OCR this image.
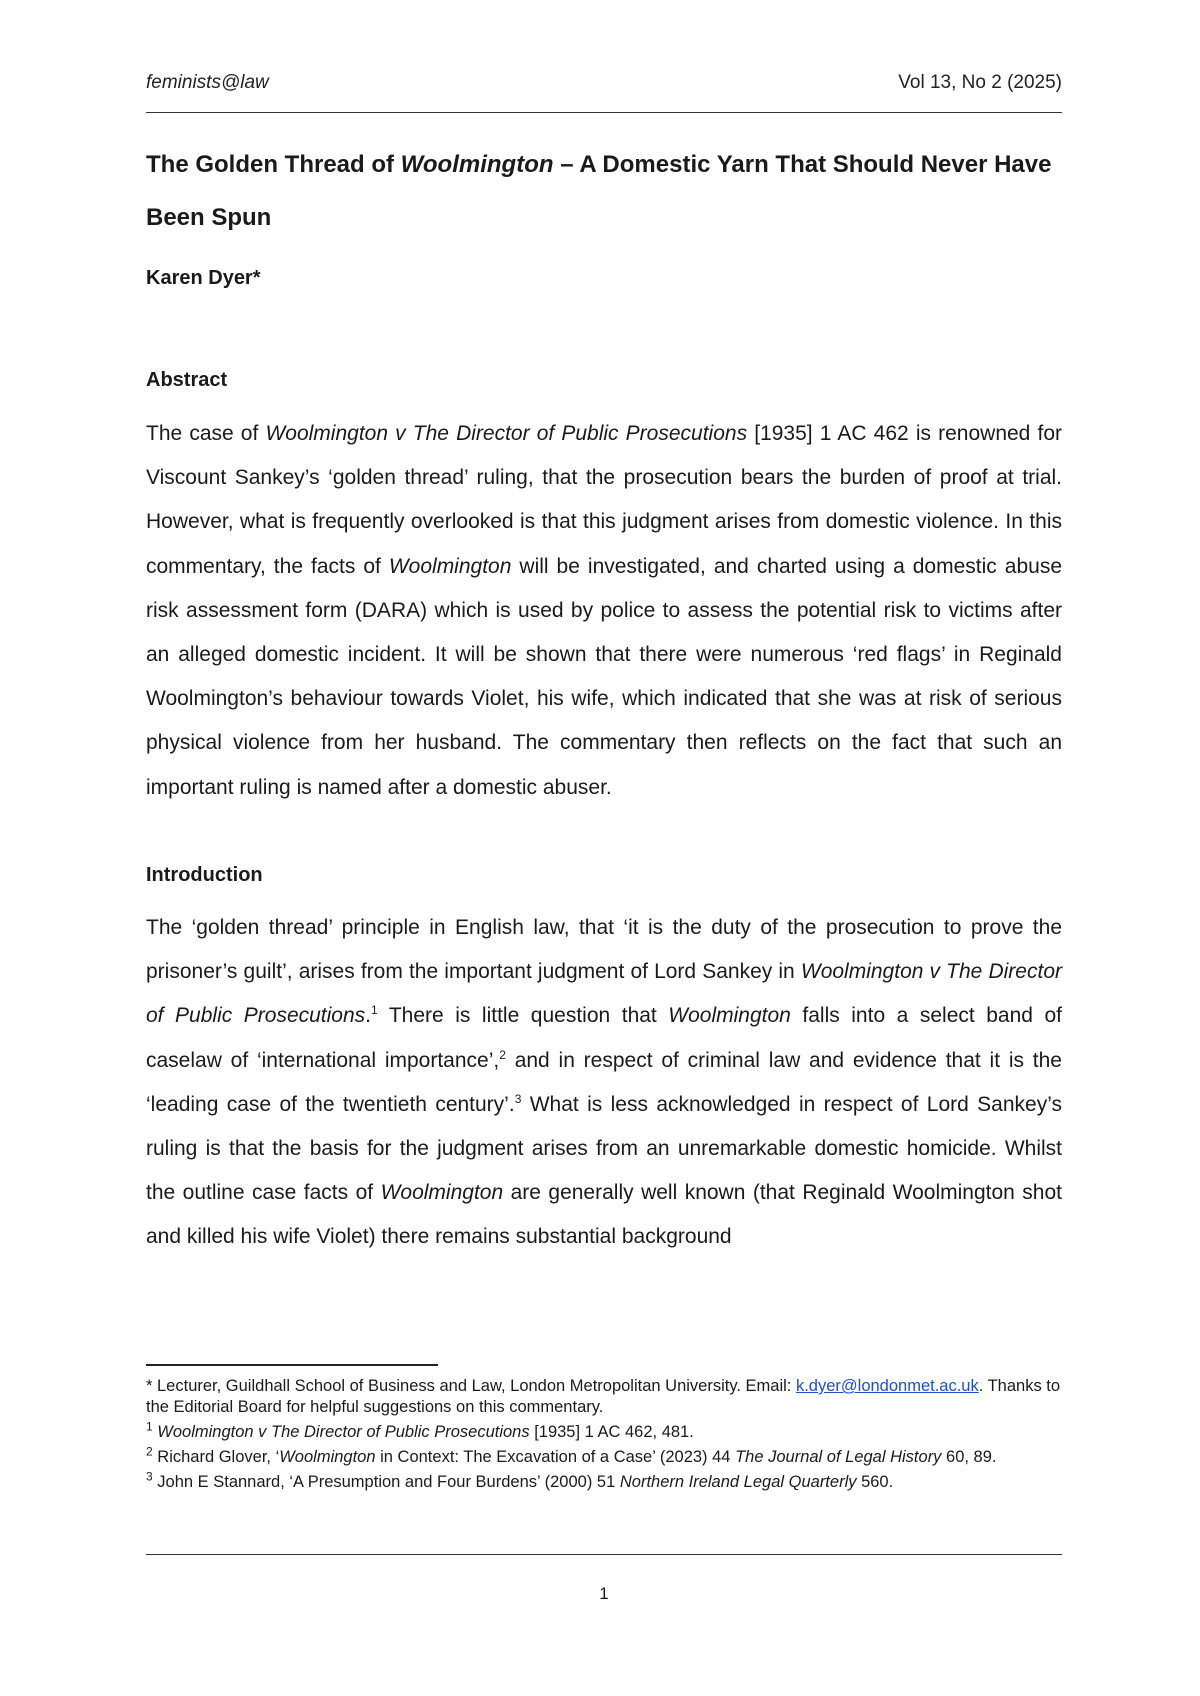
feminists@law	Vol 13, No 2 (2025)
The Golden Thread of Woolmington – A Domestic Yarn That Should Never Have Been Spun
Karen Dyer*
Abstract

The case of Woolmington v The Director of Public Prosecutions [1935] 1 AC 462 is renowned for Viscount Sankey’s ‘golden thread’ ruling, that the prosecution bears the burden of proof at trial. However, what is frequently overlooked is that this judgment arises from domestic violence. In this commentary, the facts of Woolmington will be investigated, and charted using a domestic abuse risk assessment form (DARA) which is used by police to assess the potential risk to victims after an alleged domestic incident. It will be shown that there were numerous ‘red flags’ in Reginald Woolmington’s behaviour towards Violet, his wife, which indicated that she was at risk of serious physical violence from her husband. The commentary then reflects on the fact that such an important ruling is named after a domestic abuser.

Introduction

The ‘golden thread’ principle in English law, that ‘it is the duty of the prosecution to prove the prisoner’s guilt’, arises from the important judgment of Lord Sankey in Woolmington v The Director of Public Prosecutions.$^1$ There is little question that Woolmington falls into a select band of caselaw of ‘international importance’,$^2$ and in respect of criminal law and evidence that it is the ‘leading case of the twentieth century’.$^3$ What is less acknowledged in respect of Lord Sankey’s ruling is that the basis for the judgment arises from an unremarkable domestic homicide. Whilst the outline case facts of Woolmington are generally well known (that Reginald Woolmington shot and killed his wife Violet) there remains substantial background

* Lecturer, Guildhall School of Business and Law, London Metropolitan University. Email: k.dyer@londonmet.ac.uk. Thanks to the Editorial Board for helpful suggestions on this commentary.

$^1$ Woolmington v The Director of Public Prosecutions [1935] 1 AC 462, 481.

$^2$ Richard Glover, ‘Woolmington in Context: The Excavation of a Case’ (2023) 44 The Journal of Legal History 60, 89.

$^3$ John E Stannard, ‘A Presumption and Four Burdens’ (2000) 51 Northern Ireland Legal Quarterly 560.

1
